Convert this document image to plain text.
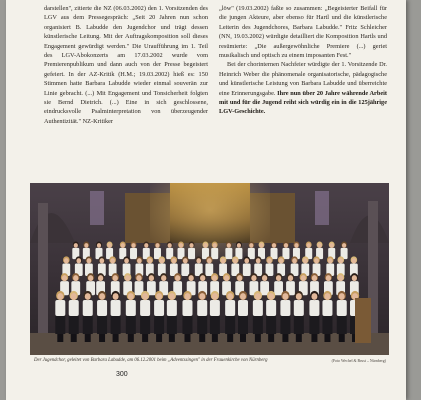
darstellen", zitierte die NZ (06.03.2002) den 1. Vorsitzenden des LGV aus dem Pressegespräch: „Seit 20 Jahren nun schon organisiert B. Labudde den Jugendchor und trägt dessen künstlerische Leitung. Mit der Auftragskomposition soll dieses Engagement gewürdigt werden." Die Uraufführung im 1. Teil des LGV-Abokonzerts am 17.03.2002 wurde vom Premierenpublikum und dann auch von der Presse begeistert gefeiert. In der AZ-Kritik (H.M.; 19.03.2002) hieß es: 150 Stimmen hatte Barbara Labudde wieder einmal souverän zur Linie gebracht. (...) Mit Engagement und Tonsicherheit folgten sie Bernd Dietrich. (...) Eine in sich geschlossene, eindrucksvolle Psalminterpretation von überzeugender Authentizität." NZ-Kritiker

„löw" (19.03.2002) faßte so zusammen: „Begeisterter Beifall für die jungen Akteure, aber ebenso für Hartl und die künstlerische Leiterin des Jugendchores, Barbara Labudde." Fritz Schleicher (NN, 19.03.2002) würdigte detailliert die Komposition Hartls und resümierte: „Die außergewöhnliche Premiere (...) geriet musikalisch und optisch zu einem imposanten Fest."

Bei der chorinternen Nachfeier würdigte der 1. Vorsitzende Dr. Heinrich Weber die phänomenale organisatorische, pädagogische und künstlerische Leistung von Barbara Labudde und überreichte eine Erinnerungsgabe. Ihre nun über 20 Jahre währende Arbeit mit und für die Jugend reiht sich würdig ein in die 125jährige LGV-Geschichte.

Der Jugendchor, geleitet von Barbara Labudde, am 06.12.2001 beim „Adventssingen" in der Frauenkirche von Nürnberg	(Foto Wechel & Brust – Nürnberg)
300
